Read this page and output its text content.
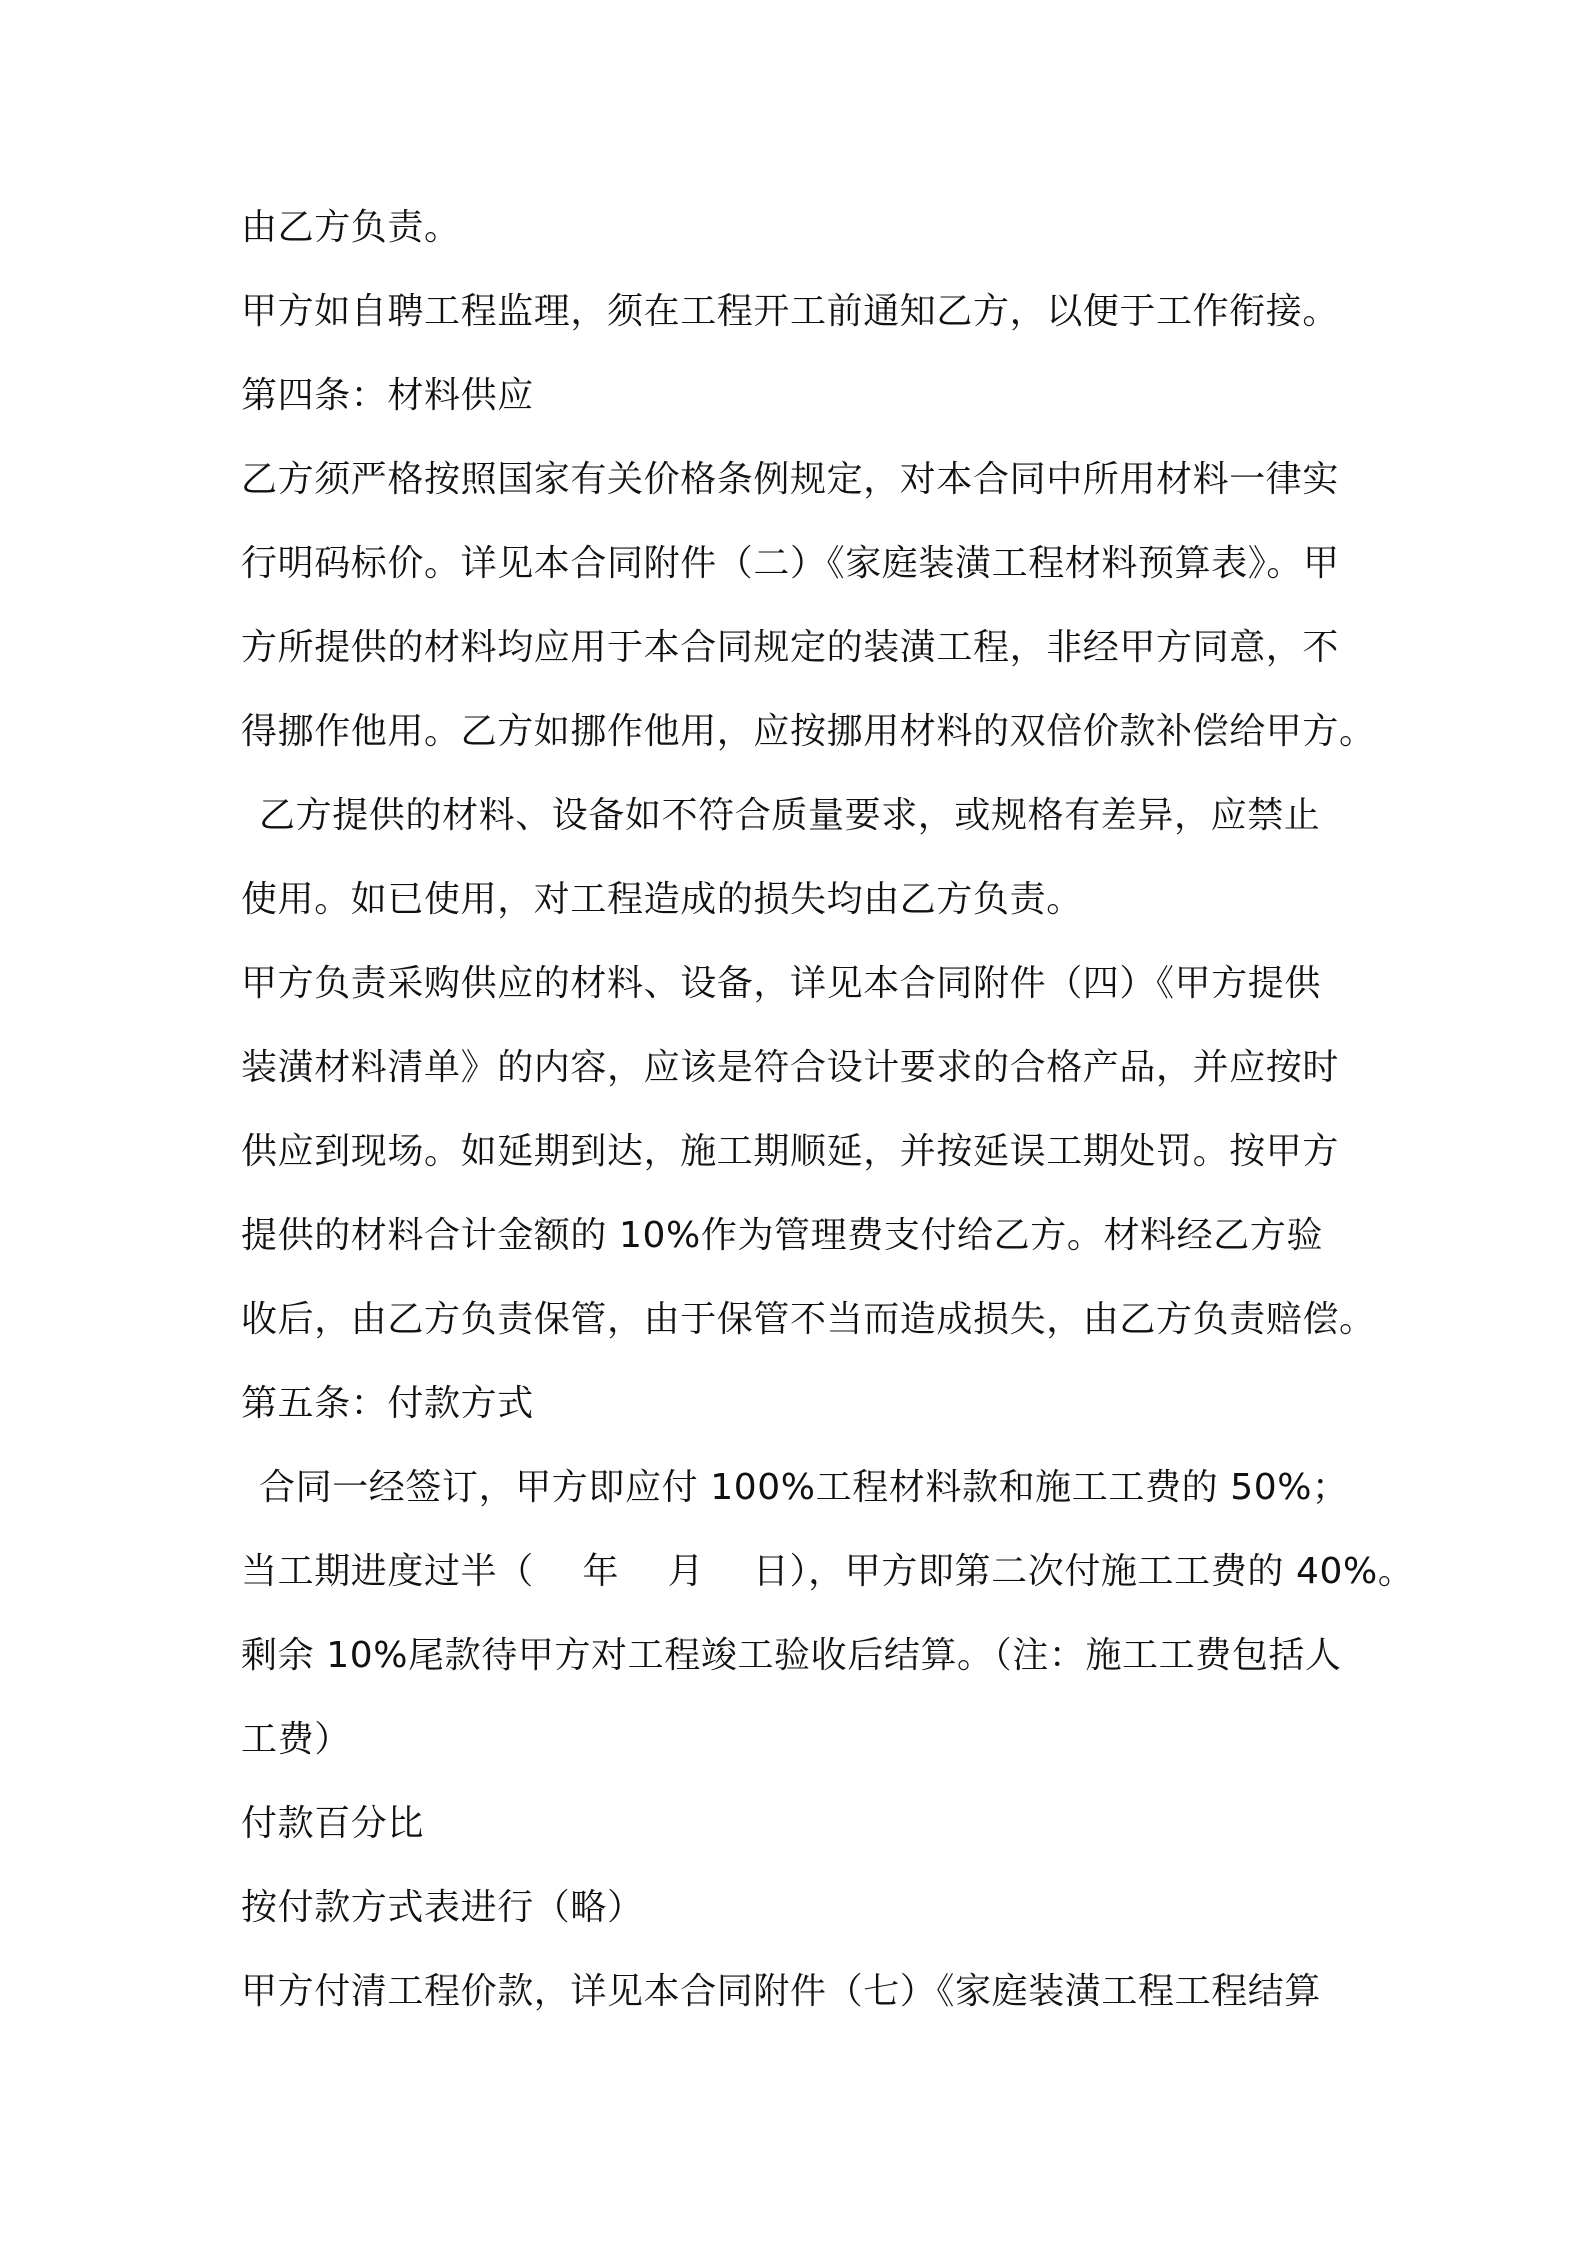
由乙方负责。
甲方如自聘工程监理，须在工程开工前通知乙方，以便于工作衔接。
第四条：材料供应
乙方须严格按照国家有关价格条例规定，对本合同中所用材料一律实
行明码标价。详见本合同附件（二）《家庭装潢工程材料预算表》。甲
方所提供的材料均应用于本合同规定的装潢工程，非经甲方同意，不
得挪作他用。乙方如挪作他用，应按挪用材料的双倍价款补偿给甲方。
乙方提供的材料、设备如不符合质量要求，或规格有差异，应禁止
使用。如已使用，对工程造成的损失均由乙方负责。
甲方负责采购供应的材料、设备，详见本合同附件（四）《甲方提供
装潢材料清单》的内容，应该是符合设计要求的合格产品，并应按时
供应到现场。如延期到达，施工期顺延，并按延误工期处罚。按甲方
提供的材料合计金额的 10%作为管理费支付给乙方。材料经乙方验
收后，由乙方负责保管，由于保管不当而造成损失，由乙方负责赔偿。
第五条：付款方式
合同一经签订，甲方即应付 100%工程材料款和施工工费的 50%；
当工期进度过半（　 年　 月　 日），甲方即第二次付施工工费的 40%。
剩余 10%尾款待甲方对工程竣工验收后结算。（注：施工工费包括人
工费）
付款百分比
按付款方式表进行（略）
甲方付清工程价款，详见本合同附件（七）《家庭装潢工程工程结算
